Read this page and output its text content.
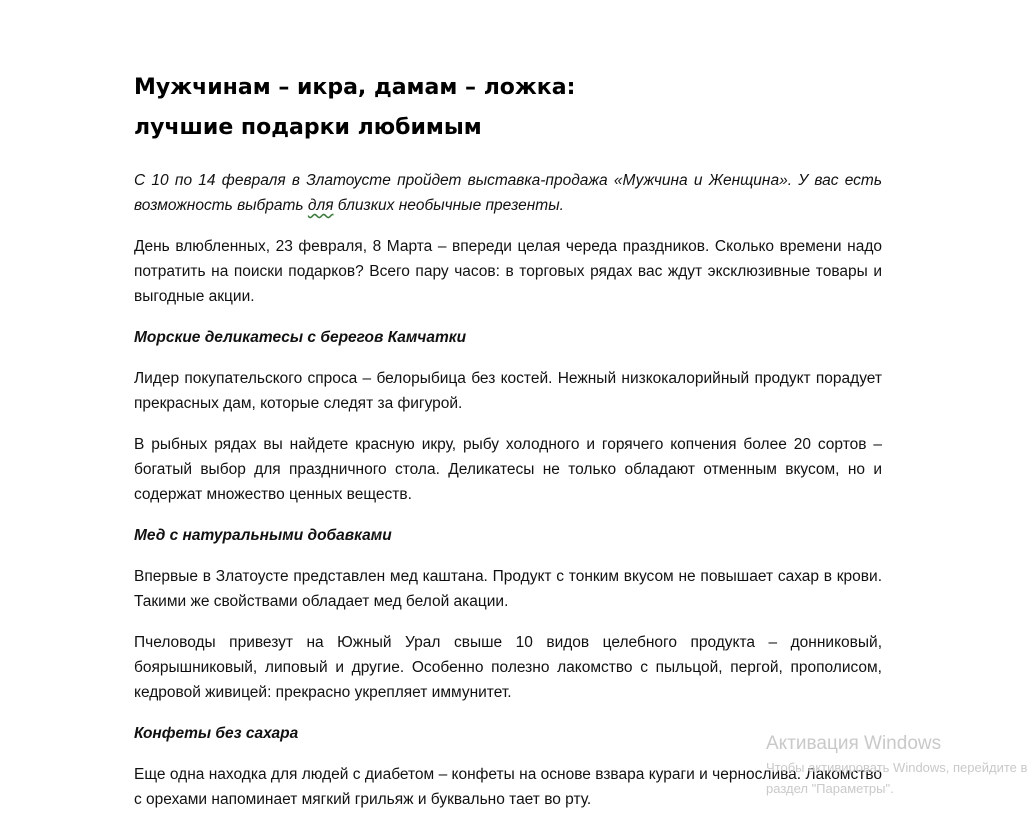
Мужчинам – икра, дамам – ложка:
лучшие подарки любимым

С 10 по 14 февраля в Златоусте пройдет выставка-продажа «Мужчина и Женщина». У вас есть возможность выбрать для близких необычные презенты.

День влюбленных, 23 февраля, 8 Марта – впереди целая череда праздников. Сколько времени надо потратить на поиски подарков? Всего пару часов: в торговых рядах вас ждут эксклюзивные товары и выгодные акции.

Морские деликатесы с берегов Камчатки

Лидер покупательского спроса – белорыбица без костей. Нежный низкокалорийный продукт порадует прекрасных дам, которые следят за фигурой.

В рыбных рядах вы найдете красную икру, рыбу холодного и горячего копчения более 20 сортов – богатый выбор для праздничного стола. Деликатесы не только обладают отменным вкусом, но и содержат множество ценных веществ.

Мед с натуральными добавками

Впервые в Златоусте представлен мед каштана. Продукт с тонким вкусом не повышает сахар в крови. Такими же свойствами обладает мед белой акации.

Пчеловоды привезут на Южный Урал свыше 10 видов целебного продукта – донниковый, боярышниковый, липовый и другие. Особенно полезно лакомство с пыльцой, пергой, прополисом, кедровой живицей: прекрасно укрепляет иммунитет.

Конфеты без сахара

Еще одна находка для людей с диабетом – конфеты на основе взвара кураги и чернослива. Лакомство с орехами напоминает мягкий грильяж и буквально тает во рту.

Активация Windows
Чтобы активировать Windows, перейдите в
раздел "Параметры".
